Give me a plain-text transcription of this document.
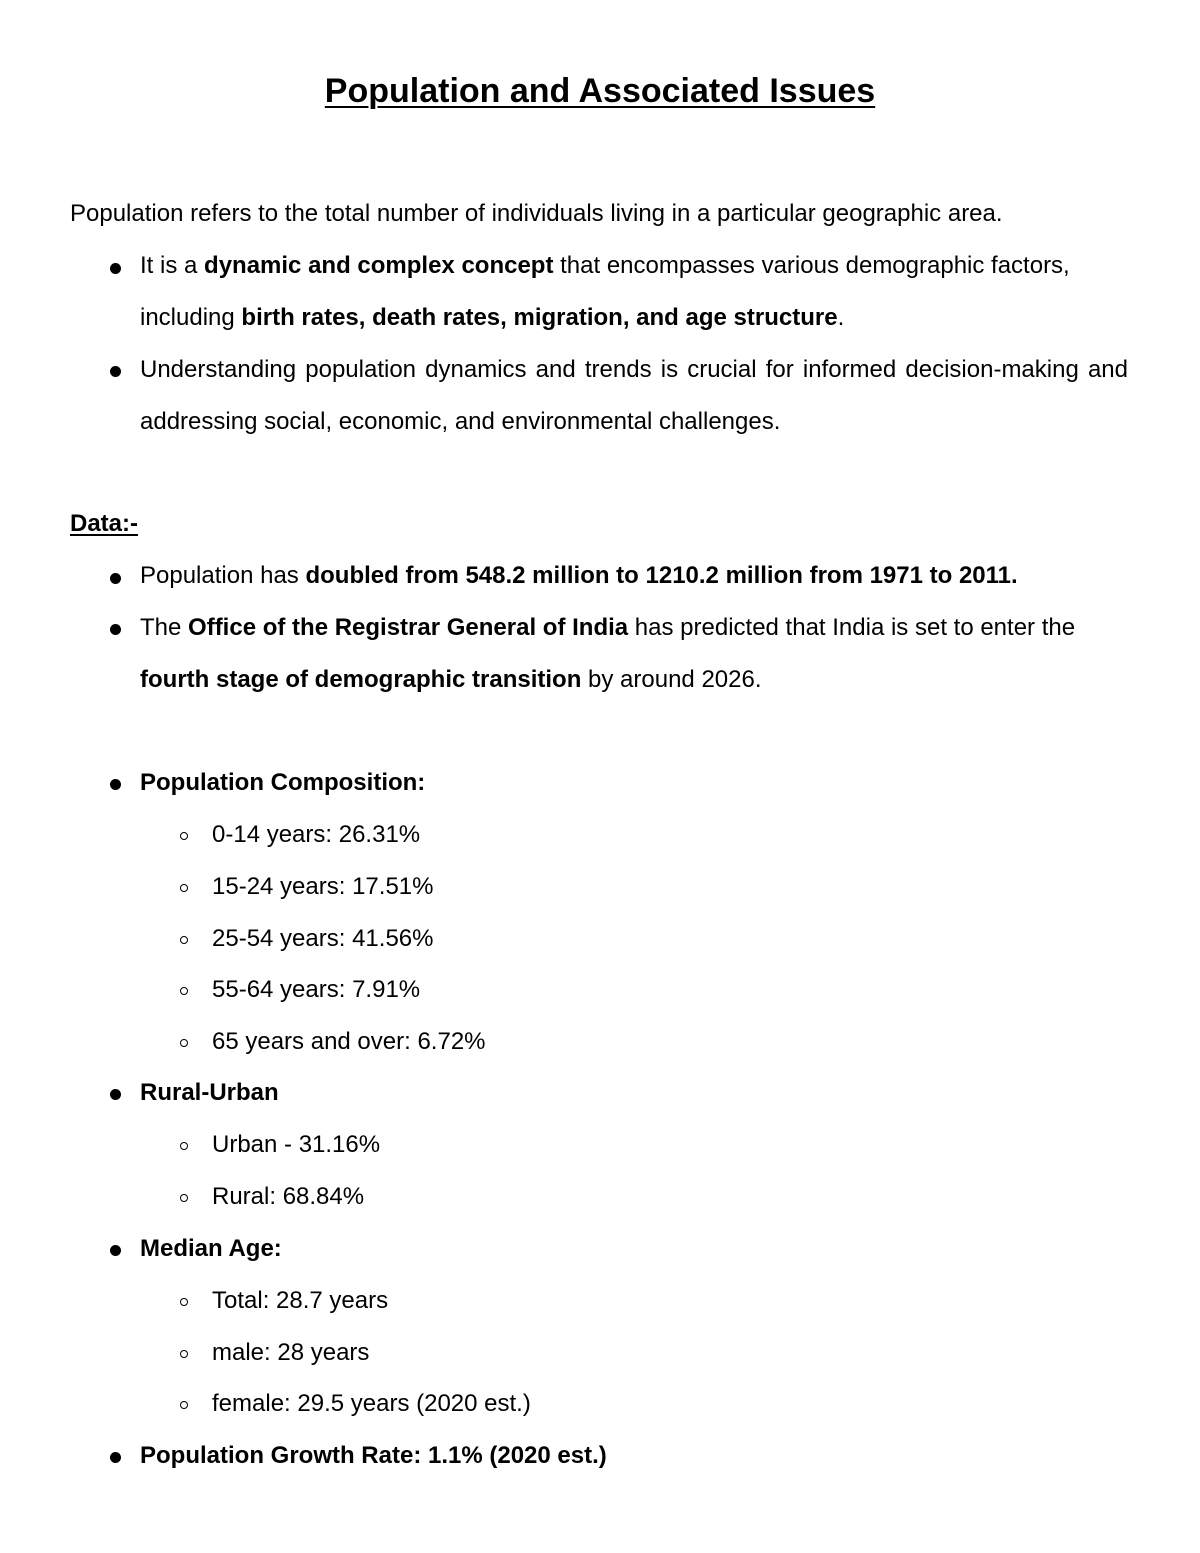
Population and Associated Issues

Population refers to the total number of individuals living in a particular geographic area.

It is a dynamic and complex concept that encompasses various demographic factors, including birth rates, death rates, migration, and age structure.

Understanding population dynamics and trends is crucial for informed decision-making and addressing social, economic, and environmental challenges.

Data:-

Population has doubled from 548.2 million to 1210.2 million from 1971 to 2011.

The Office of the Registrar General of India has predicted that India is set to enter the fourth stage of demographic transition by around 2026.

Population Composition:

0-14 years: 26.31%

15-24 years: 17.51%

25-54 years: 41.56%

55-64 years: 7.91%

65 years and over: 6.72%

Rural-Urban

Urban - 31.16%

Rural: 68.84%

Median Age:

Total: 28.7 years

male: 28 years

female: 29.5 years (2020 est.)

Population Growth Rate: 1.1% (2020 est.)
